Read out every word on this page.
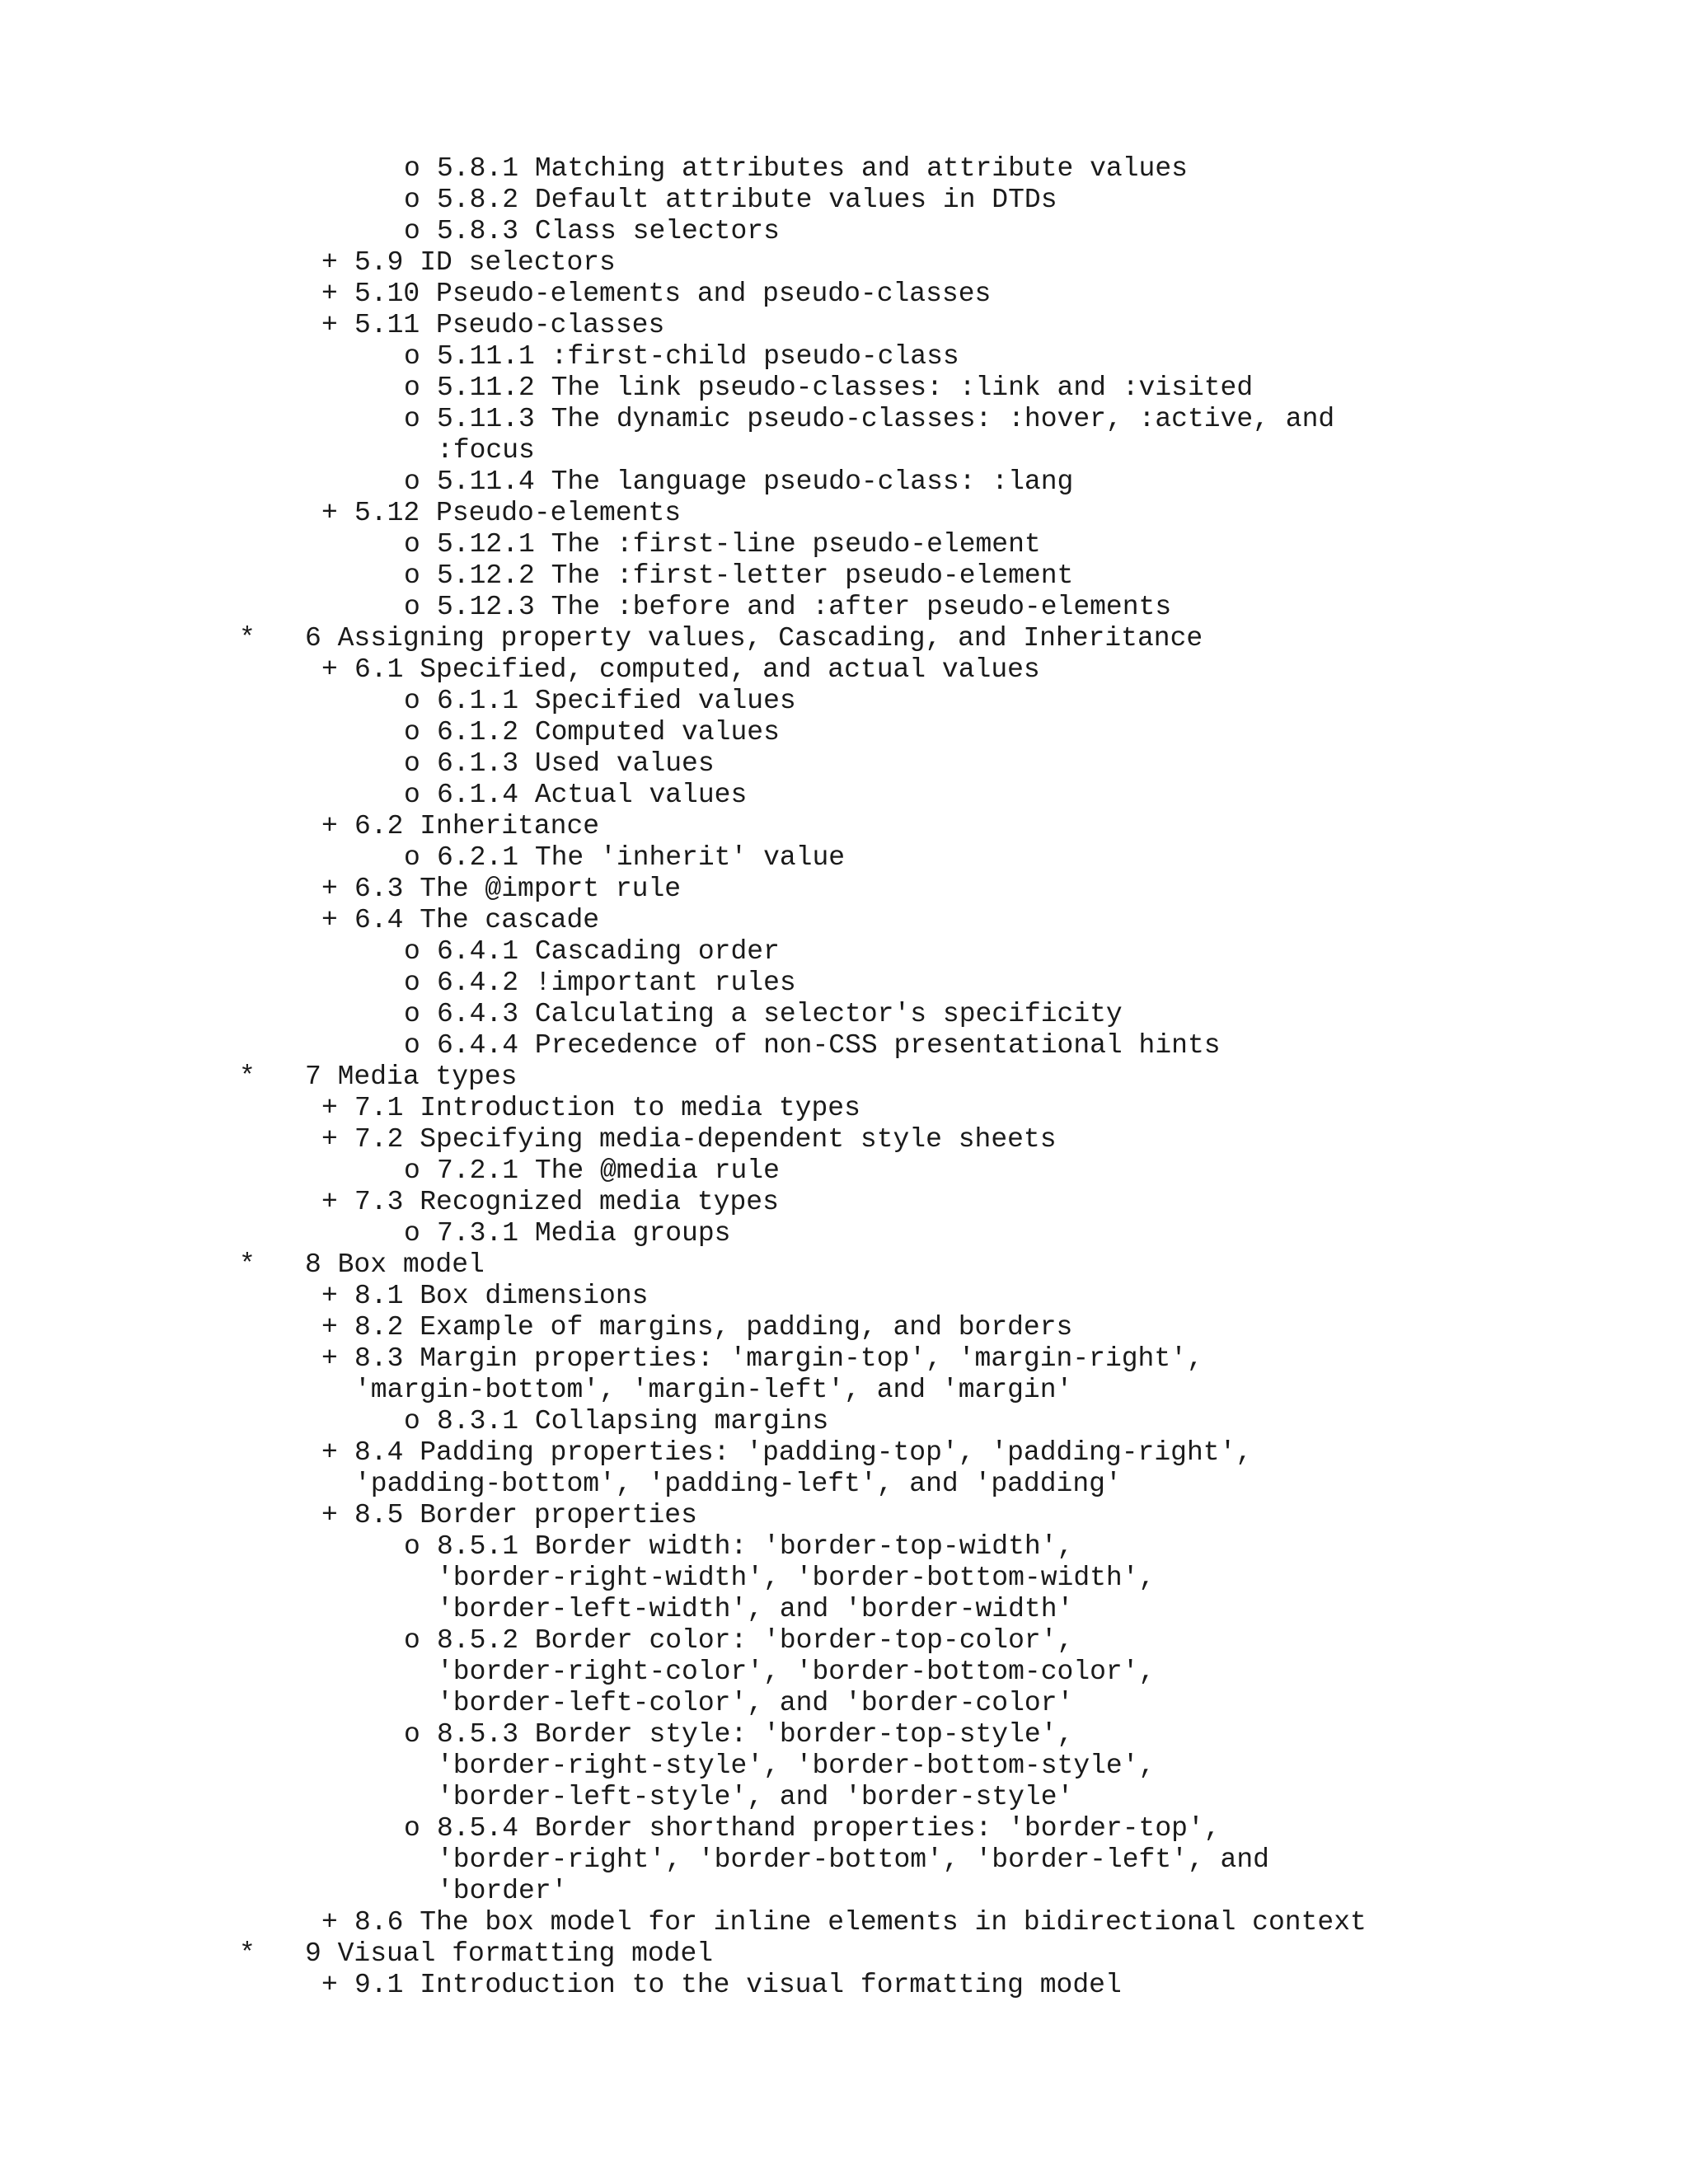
o 5.8.1 Matching attributes and attribute values
o 5.8.2 Default attribute values in DTDs
o 5.8.3 Class selectors
+ 5.9 ID selectors
+ 5.10 Pseudo-elements and pseudo-classes
+ 5.11 Pseudo-classes
o 5.11.1 :first-child pseudo-class
o 5.11.2 The link pseudo-classes: :link and :visited
o 5.11.3 The dynamic pseudo-classes: :hover, :active, and
:focus
o 5.11.4 The language pseudo-class: :lang
+ 5.12 Pseudo-elements
o 5.12.1 The :first-line pseudo-element
o 5.12.2 The :first-letter pseudo-element
o 5.12.3 The :before and :after pseudo-elements
* 6 Assigning property values, Cascading, and Inheritance
+ 6.1 Specified, computed, and actual values
o 6.1.1 Specified values
o 6.1.2 Computed values
o 6.1.3 Used values
o 6.1.4 Actual values
+ 6.2 Inheritance
o 6.2.1 The 'inherit' value
+ 6.3 The @import rule
+ 6.4 The cascade
o 6.4.1 Cascading order
o 6.4.2 !important rules
o 6.4.3 Calculating a selector's specificity
o 6.4.4 Precedence of non-CSS presentational hints
* 7 Media types
+ 7.1 Introduction to media types
+ 7.2 Specifying media-dependent style sheets
o 7.2.1 The @media rule
+ 7.3 Recognized media types
o 7.3.1 Media groups
* 8 Box model
+ 8.1 Box dimensions
+ 8.2 Example of margins, padding, and borders
+ 8.3 Margin properties: 'margin-top', 'margin-right',
'margin-bottom', 'margin-left', and 'margin'
o 8.3.1 Collapsing margins
+ 8.4 Padding properties: 'padding-top', 'padding-right',
'padding-bottom', 'padding-left', and 'padding'
+ 8.5 Border properties
o 8.5.1 Border width: 'border-top-width',
'border-right-width', 'border-bottom-width',
'border-left-width', and 'border-width'
o 8.5.2 Border color: 'border-top-color',
'border-right-color', 'border-bottom-color',
'border-left-color', and 'border-color'
o 8.5.3 Border style: 'border-top-style',
'border-right-style', 'border-bottom-style',
'border-left-style', and 'border-style'
o 8.5.4 Border shorthand properties: 'border-top',
'border-right', 'border-bottom', 'border-left', and
'border'
+ 8.6 The box model for inline elements in bidirectional context
* 9 Visual formatting model
+ 9.1 Introduction to the visual formatting model
